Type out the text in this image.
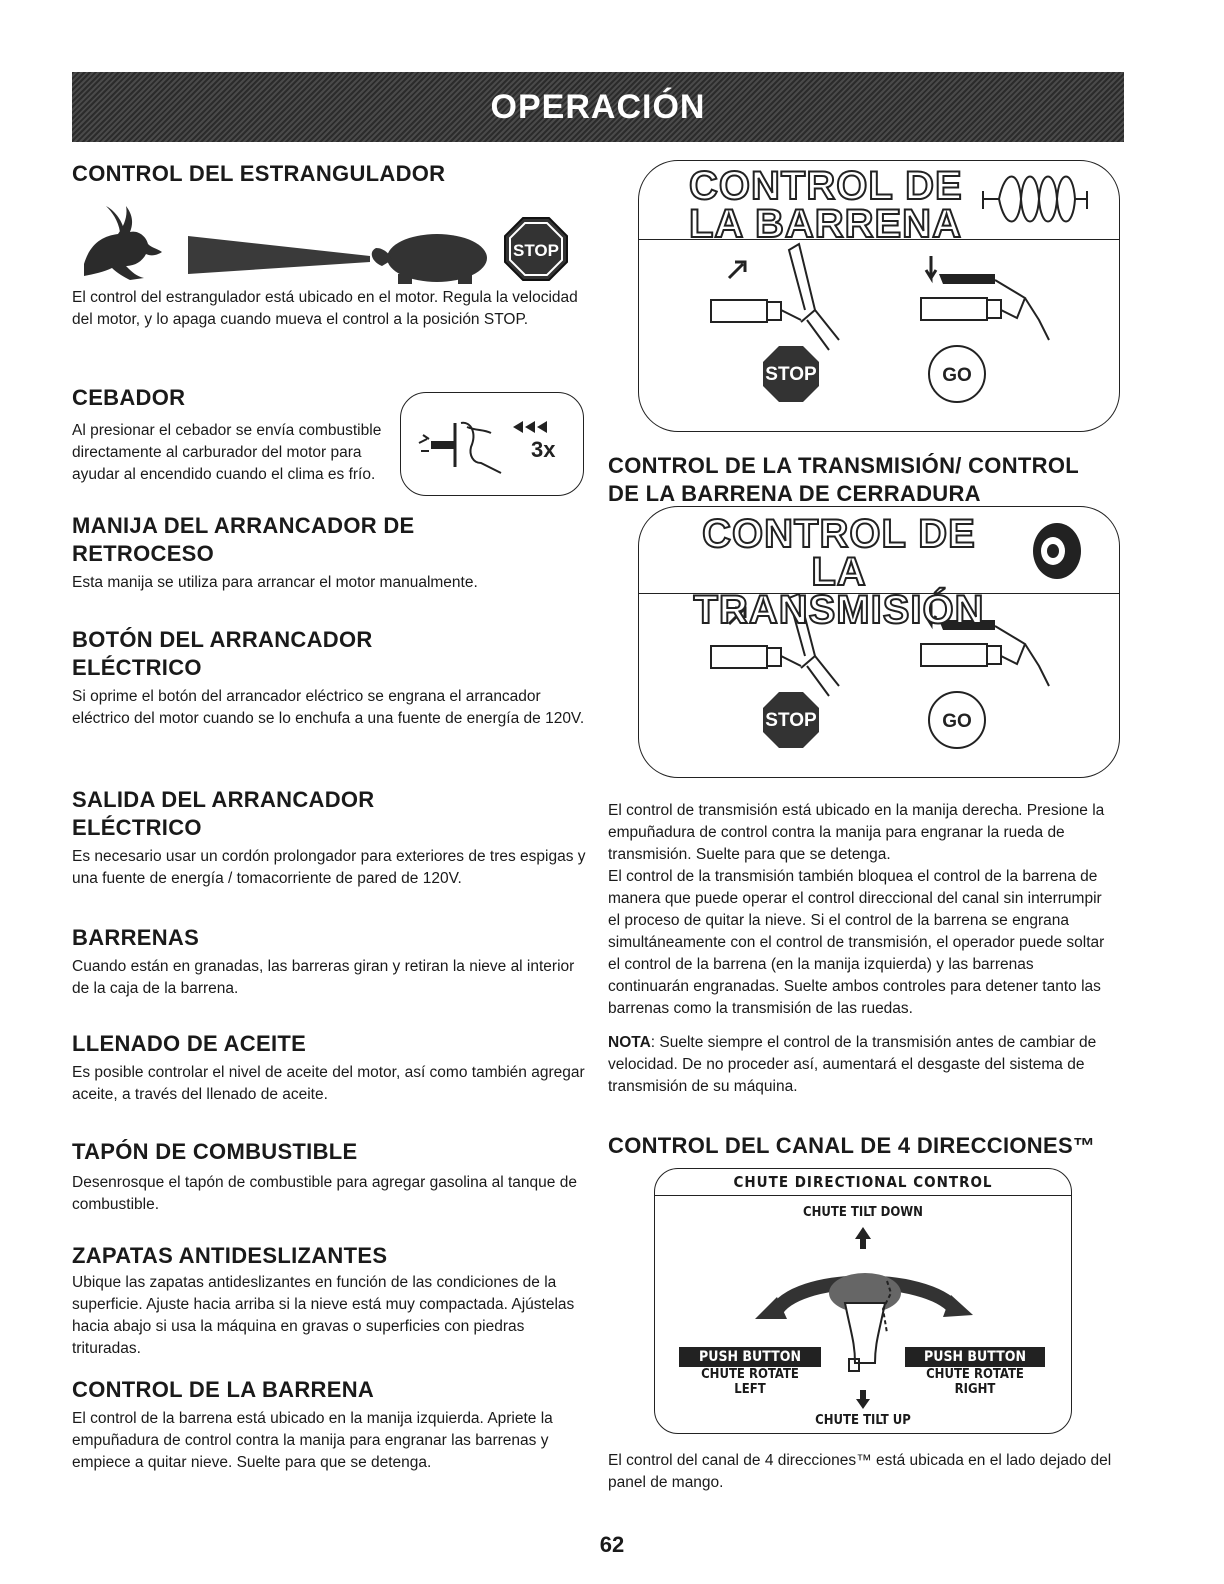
OPERACIÓN
CONTROL DEL ESTRANGULADOR
STOP

El control del estrangulador está ubicado en el motor. Regula la velocidad del motor, y lo apaga cuando mueva el control a la posición STOP.

CEBADOR

Al presionar el cebador se envía combustible directamente al carburador del motor para ayudar al encendido cuando el clima es frío.

3x
MANIJA DEL ARRANCADOR DE RETROCESO

Esta manija se utiliza para arrancar el motor manualmente.

BOTÓN DEL ARRANCADOR ELÉCTRICO

Si oprime el botón del arrancador eléctrico se engrana el arrancador eléctrico del motor cuando se lo enchufa a una fuente de energía de 120V.

SALIDA DEL ARRANCADOR ELÉCTRICO

Es necesario usar un cordón prolongador para exteriores de tres espigas y una fuente de energía / tomacorriente de pared de 120V.

BARRENAS

Cuando están en granadas, las barreras giran y retiran la nieve al interior de la caja de la barrena.

LLENADO DE ACEITE

Es posible controlar el nivel de aceite del motor, así como también agregar aceite, a través del llenado de aceite.

TAPÓN DE COMBUSTIBLE

Desenrosque el tapón de combustible para agregar gasolina al tanque de combustible.

ZAPATAS ANTIDESLIZANTES

Ubique las zapatas antideslizantes en función de las condiciones de la superficie. Ajuste hacia arriba si la nieve está muy compactada. Ajústelas hacia abajo si usa la máquina en gravas o superficies con piedras trituradas.

CONTROL DE LA BARRENA

El control de la barrena está ubicado en la manija izquierda. Apriete la empuñadura de control contra la manija para engranar las barrenas y empiece a quitar nieve. Suelte para que se detenga.

CONTROL DE
LA BARRENA
STOP	GO
CONTROL DE LA TRANSMISIÓN/ CONTROL DE LA BARRENA DE CERRADURA
CONTROL DE LA
TRANSMISIÓN
STOP	GO

El control de transmisión está ubicado en la manija derecha. Presione la empuñadura de control contra la manija para engranar la rueda de transmisión. Suelte para que se detenga.

El control de la transmisión también bloquea el control de la barrena de manera que puede operar el control direccional del canal sin interrumpir el proceso de quitar la nieve. Si el control de la barrena se engrana simultáneamente con el control de transmisión, el operador puede soltar el control de la barrena (en la manija izquierda) y las barrenas continuarán engranadas. Suelte ambos controles para detener tanto las barrenas como la transmisión de las ruedas.

NOTA: Suelte siempre el control de la transmisión antes de cambiar de velocidad. De no proceder así, aumentará el desgaste del sistema de transmisión de su máquina.

CONTROL DEL CANAL DE 4 DIRECCIONES™
CHUTE DIRECTIONAL CONTROL
CHUTE TILT DOWN
PUSH BUTTON
CHUTE ROTATE
LEFT
PUSH BUTTON
CHUTE ROTATE
RIGHT
CHUTE TILT UP

El control del canal de 4 direcciones™ está ubicada en el lado dejado del panel de mango.

62
